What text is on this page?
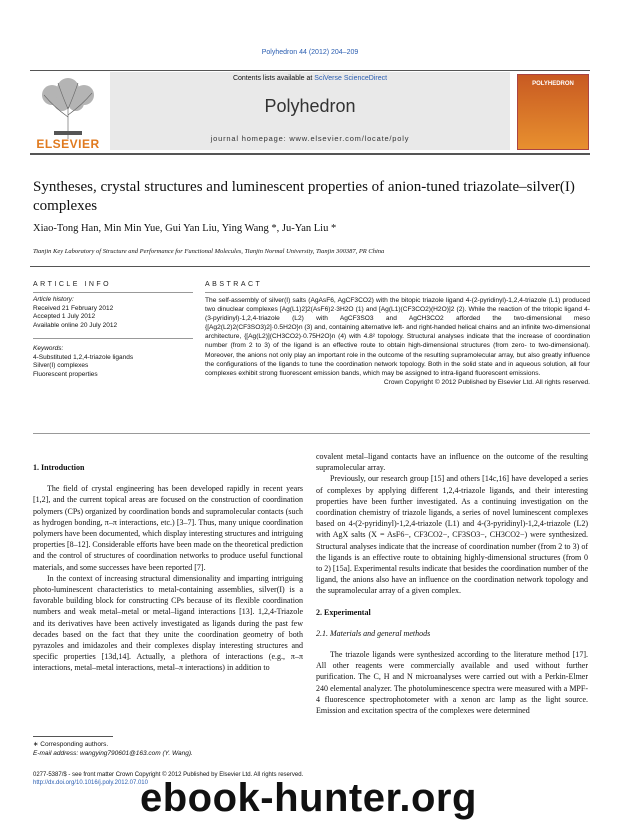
Polyhedron 44 (2012) 204–209
ELSEVIER
Contents lists available at SciVerse ScienceDirect
Polyhedron
journal homepage: www.elsevier.com/locate/poly
POLYHEDRON
Syntheses, crystal structures and luminescent properties of anion-tuned triazolate–silver(I) complexes
Xiao-Tong Han, Min Min Yue, Gui Yan Liu, Ying Wang *, Ju-Yan Liu *
Tianjin Key Laboratory of Structure and Performance for Functional Molecules, Tianjin Normal University, Tianjin 300387, PR China
ARTICLE INFO	ABSTRACT
Article history:
Received 21 February 2012
Accepted 1 July 2012
Available online 20 July 2012
Keywords:
4-Substituted 1,2,4-triazole ligands
Silver(I) complexes
Fluorescent properties
The self-assembly of silver(I) salts (AgAsF6, AgCF3CO2) with the bitopic triazole ligand 4-(2-pyridinyl)-1,2,4-triazole (L1) produced two dinuclear complexes [Ag(L1)2]2(AsF6)2·3H2O (1) and [Ag(L1)(CF3CO2)(H2O)]2 (2). While the reaction of the tritopic ligand 4-(3-pyridinyl)-1,2,4-triazole (L2) with AgCF3SO3 and AgCH3CO2 afforded the two-dimensional meso {[Ag2(L2)2(CF3SO3)2]·0.5H2O}n (3) and, containing alternative left- and right-handed helical chains and an infinite two-dimensional architecture, {[Ag(L2)](CH3CO2)·0.75H2O}n (4) with 4.8² topology. Structural analyses indicate that the increase of coordination number (from 2 to 3) of the ligand is an effective route to obtain high-dimensional structures (from zero- to two-dimensional). Moreover, the anions not only play an important role in the outcome of the resulting supramolecular array, but also greatly influence the configurations of the ligands to tune the coordination network topology. Both in the solid state and in aqueous solution, all four complexes exhibit strong fluorescent emission bands, which may be assigned to intra-ligand fluorescent emissions.
Crown Copyright © 2012 Published by Elsevier Ltd. All rights reserved.
1. Introduction

The field of crystal engineering has been developed rapidly in recent years [1,2], and the current topical areas are focused on the construction of coordination polymers (CPs) organized by coordination bonds and supramolecular contacts (such as hydrogen bonding, π–π interactions, etc.) [3–7]. Thus, many unique coordination polymers have been documented, which display interesting structures and intriguing properties [8–12]. Considerable efforts have been made on the theoretical prediction and the control of structures of coordination networks to produce useful functional materials, and some successes have been reported [7].

In the context of increasing structural dimensionality and imparting intriguing photo-luminescent characteristics to metal-containing assemblies, silver(I) is a favorable building block for constructing CPs because of its flexible coordination numbers and weak metal–metal or metal–ligand interactions [13]. 1,2,4-Triazole and its derivatives have been actively investigated as ligands during the past few decades based on the fact that they unite the coordination geometry of both pyrazoles and imidazoles and their complexes display interesting structures and specific properties [13d,14]. Actually, a plethora of interactions (e.g., π–π interactions, metal–metal interactions, metal–π interactions) in addition to

covalent metal–ligand contacts have an influence on the outcome of the resulting supramolecular array.

Previously, our research group [15] and others [14c,16] have developed a series of complexes by applying different 1,2,4-triazole ligands, and their interesting properties have been further investigated. As a continuing investigation on the coordination chemistry of triazole ligands, a series of novel luminescent complexes based on 4-(2-pyridinyl)-1,2,4-triazole (L1) and 4-(3-pyridinyl)-1,2,4-triazole (L2) with AgX salts (X = AsF6−, CF3CO2−, CF3SO3−, CH3CO2−) were synthesized. Structural analyses indicate that the increase of coordination number (from 2 to 3) of the ligands is an effective route to obtaining highly-dimensional structures (from 0 to 2) [15a]. Experimental results indicate that besides the coordination number of the ligand, the anions also have an influence on the coordination network topology and the supramolecular array of a given complex.

2. Experimental
2.1. Materials and general methods

The triazole ligands were synthesized according to the literature method [17]. All other reagents were commercially available and used without further purification. The C, H and N microanalyses were carried out with a Perkin-Elmer 240 elemental analyzer. The photoluminescence spectra were measured with a MPF-4 fluorescence spectrophotometer with a xenon arc lamp as the light source. Emission and excitation spectra of the complexes were determined

∗ Corresponding authors.
E-mail address: wangying790601@163.com (Y. Wang).
0277-5387/$ - see front matter Crown Copyright © 2012 Published by Elsevier Ltd. All rights reserved.
http://dx.doi.org/10.1016/j.poly.2012.07.010
ebook-hunter.org
